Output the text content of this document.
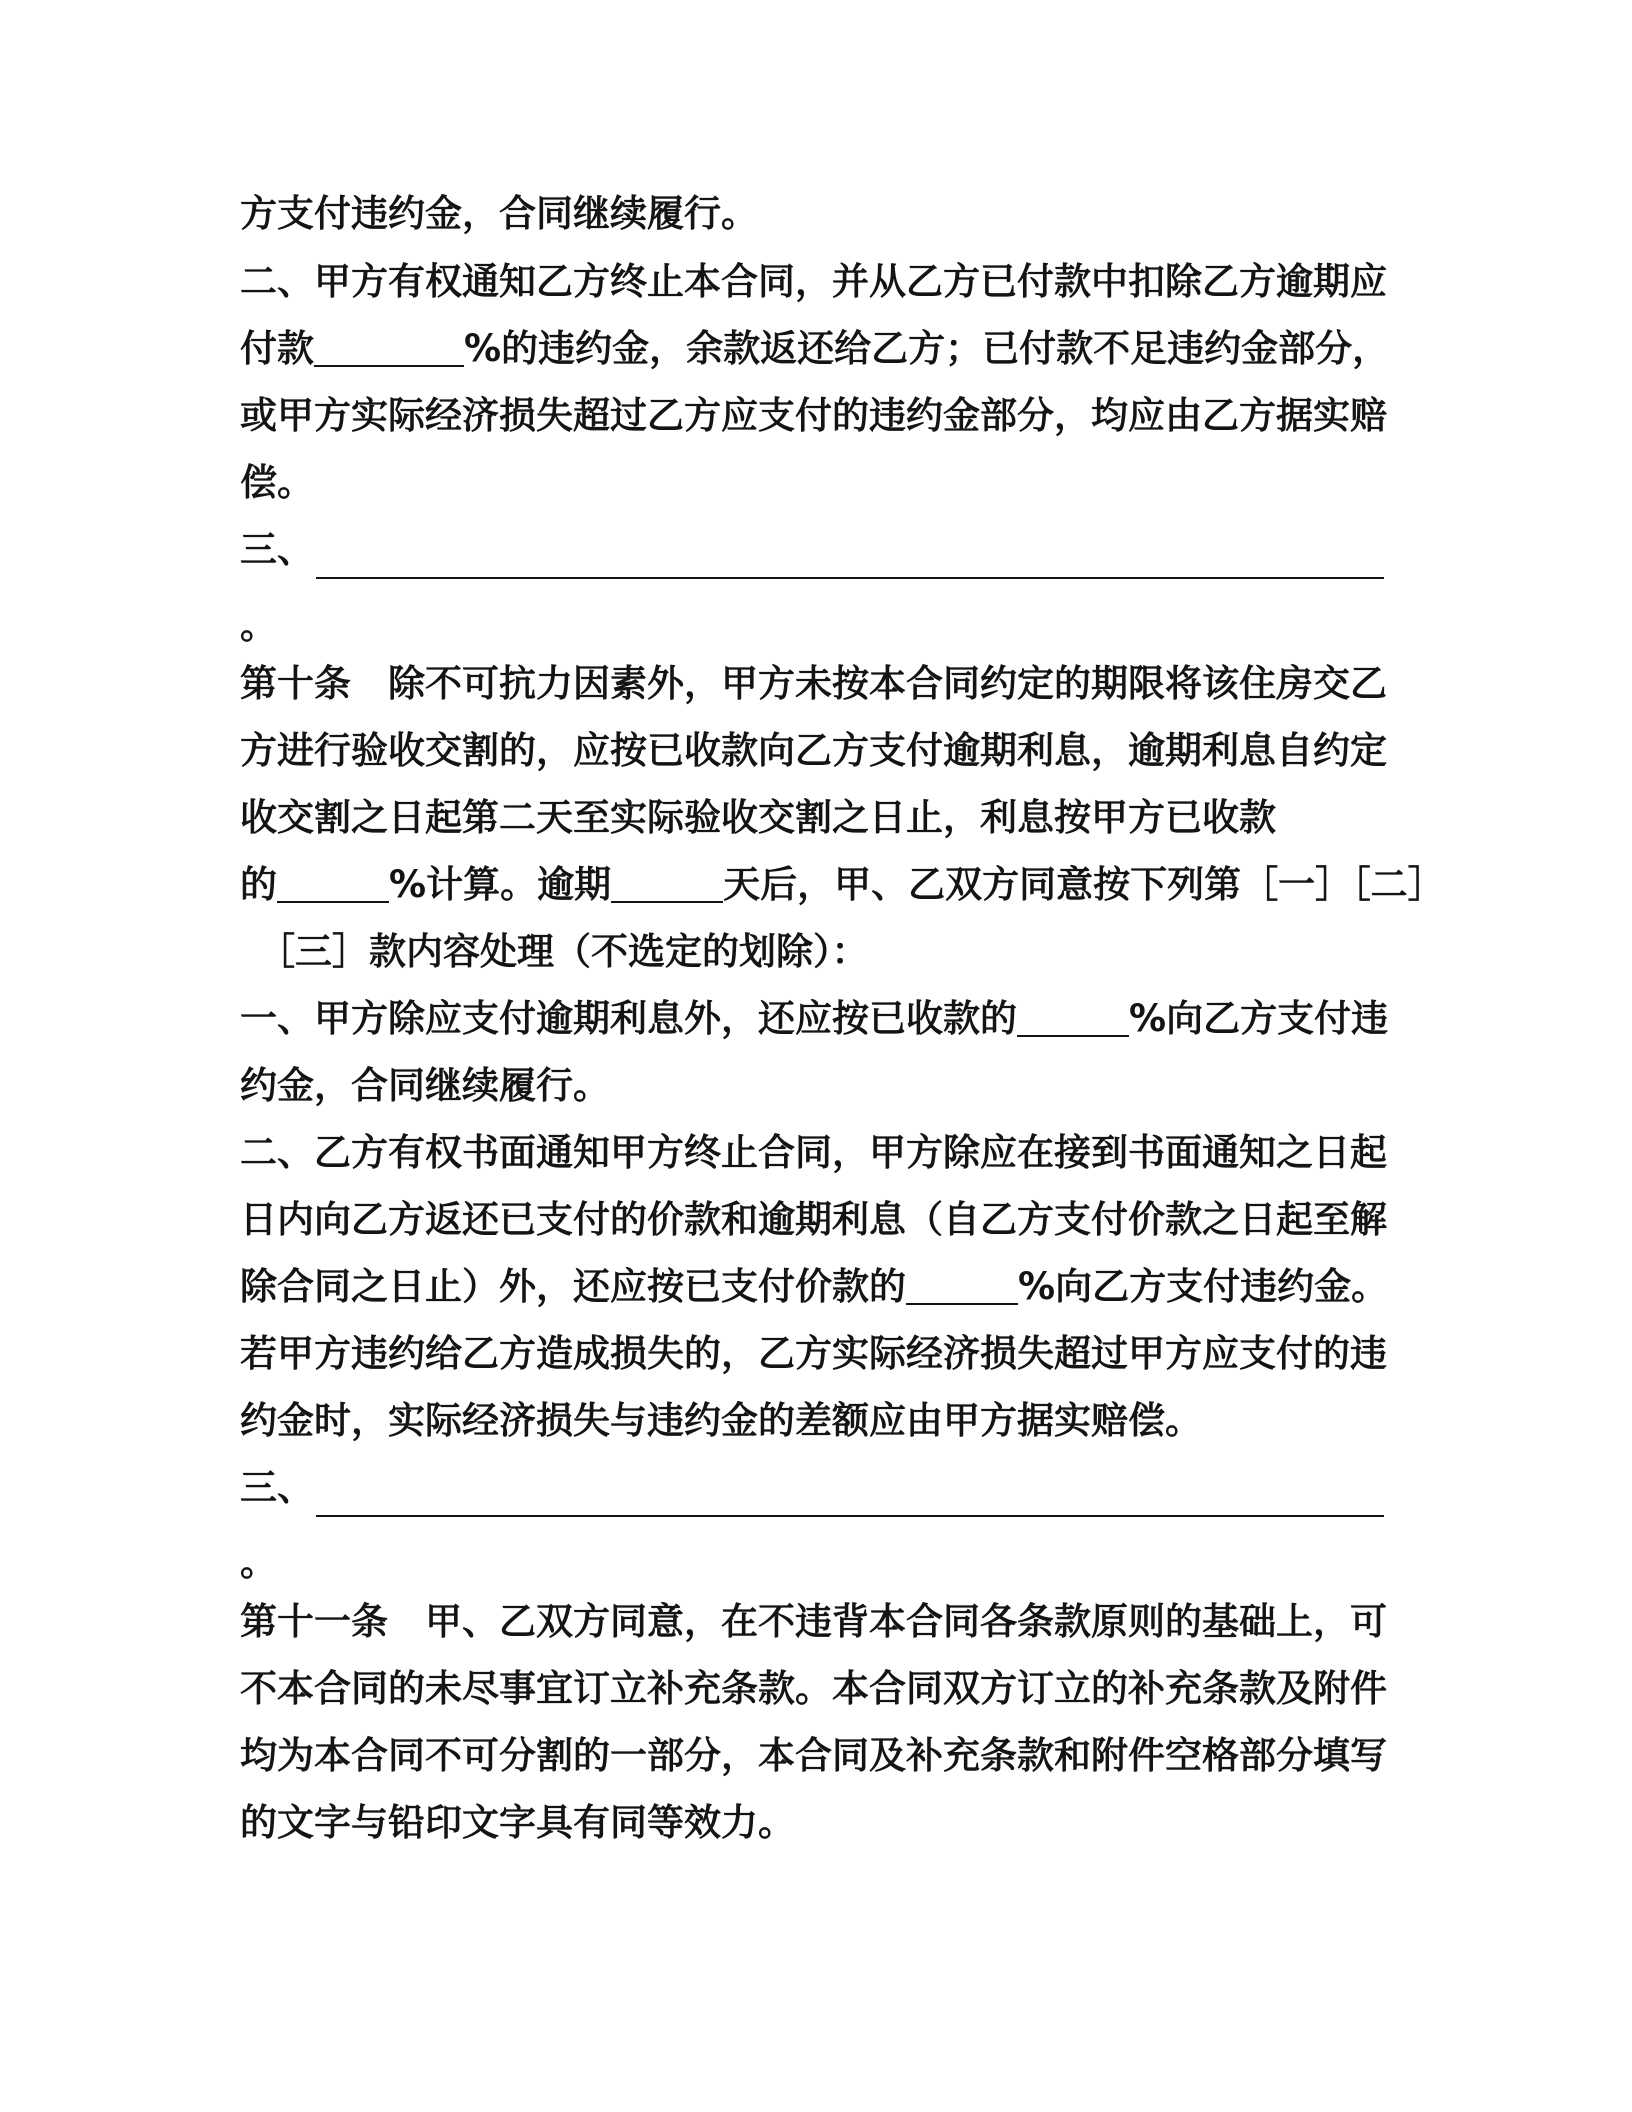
方支付违约金，合同继续履行。
二、甲方有权通知乙方终止本合同，并从乙方已付款中扣除乙方逾期应
付款	%的违约金，余款返还给乙方；已付款不足违约金部分，
或甲方实际经济损失超过乙方应支付的违约金部分，均应由乙方据实赔
偿。
三、
。
第十条　除不可抗力因素外，甲方未按本合同约定的期限将该住房交乙
方进行验收交割的，应按已收款向乙方支付逾期利息，逾期利息自约定
收交割之日起第二天至实际验收交割之日止，利息按甲方已收款
的	%计算。逾期	天后，甲、乙双方同意按下列第［一］［二］
［三］款内容处理（不选定的划除）：
一、甲方除应支付逾期利息外，还应按已收款的	%向乙方支付违
约金，合同继续履行。
二、乙方有权书面通知甲方终止合同，甲方除应在接到书面通知之日起
日内向乙方返还已支付的价款和逾期利息（自乙方支付价款之日起至解
除合同之日止）外，还应按已支付价款的	%向乙方支付违约金。
若甲方违约给乙方造成损失的，乙方实际经济损失超过甲方应支付的违
约金时，实际经济损失与违约金的差额应由甲方据实赔偿。
三、
。
第十一条　甲、乙双方同意，在不违背本合同各条款原则的基础上，可
不本合同的未尽事宜订立补充条款。本合同双方订立的补充条款及附件
均为本合同不可分割的一部分，本合同及补充条款和附件空格部分填写
的文字与铅印文字具有同等效力。
